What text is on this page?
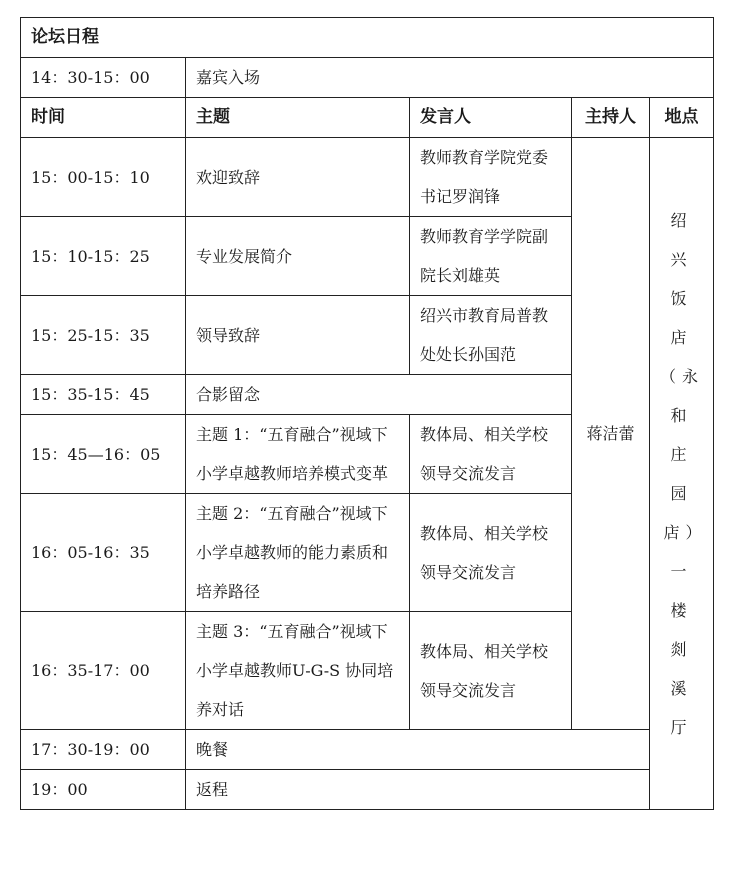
论坛日程				
14：30-15：00	嘉宾入场			
时间	主题	发言人	主持人	地点
15：00-15：10	欢迎致辞	教师教育学院党委书记罗润锋	蒋洁蕾	绍兴饭店（永和庄园店）一楼剡溪厅
15：10-15：25	专业发展简介	教师教育学学院副院长刘雄英		
15：25-15：35	领导致辞	绍兴市教育局普教处处长孙国范		
15：35-15：45	合影留念			
15：45—16：05	主题 1：“五育融合”视域下小学卓越教师培养模式变革	教体局、相关学校领导交流发言		
16：05-16：35	主题 2：“五育融合”视域下小学卓越教师的能力素质和培养路径	教体局、相关学校领导交流发言		
16：35-17：00	主题 3：“五育融合”视域下小学卓越教师U-G-S 协同培养对话	教体局、相关学校领导交流发言		
17：30-19：00	晚餐			
19：00	返程			
